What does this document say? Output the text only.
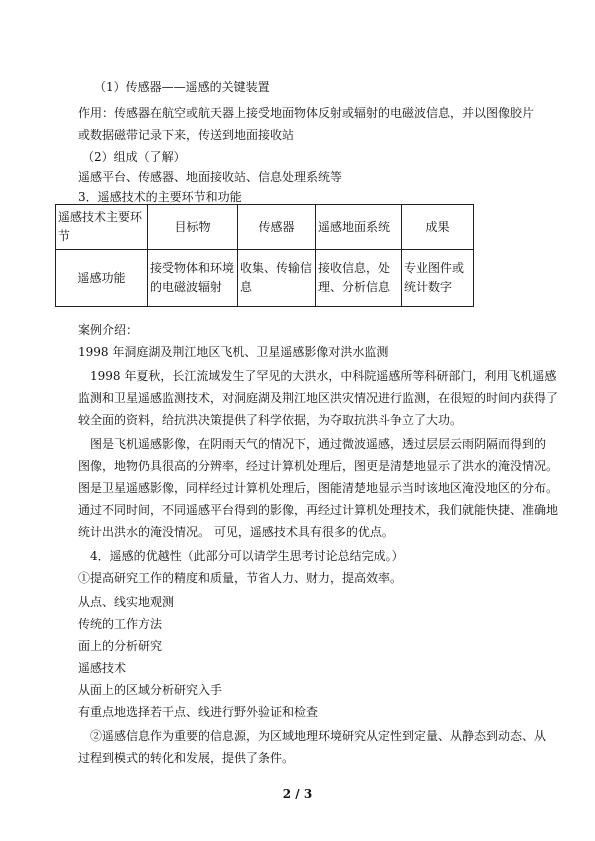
（1）传感器——遥感的关键装置
作用：传感器在航空或航天器上接受地面物体反射或辐射的电磁波信息，并以图像胶片
或数据磁带记录下来，传送到地面接收站
（2）组成（了解）
遥感平台、传感器、地面接收站、信息处理系统等
3．遥感技术的主要环节和功能
遥感技术主要环节	目标物	传感器	遥感地面系统	成果
遥感功能	接受物体和环境的电磁波辐射	收集、传输信息	接收信息，处理、分析信息	专业图件或统计数字
案例介绍：
1998 年洞庭湖及荆江地区飞机、卫星遥感影像对洪水监测
1998 年夏秋，长江流域发生了罕见的大洪水，中科院遥感所等科研部门，利用飞机遥感
监测和卫星遥感监测技术，对洞庭湖及荆江地区洪灾情况进行监测，在很短的时间内获得了
较全面的资料，给抗洪决策提供了科学依据，为夺取抗洪斗争立了大功。
图是飞机遥感影像，在阴雨天气的情况下，通过微波遥感，透过层层云雨阴隔而得到的
图像，地物仍具很高的分辨率，经过计算机处理后，图更是清楚地显示了洪水的淹没情况。
图是卫星遥感影像，同样经过计算机处理后，图能清楚地显示当时该地区淹没地区的分布。
通过不同时间，不同遥感平台得到的影像，再经过计算机处理技术，我们就能快捷、准确地
统计出洪水的淹没情况。 可见，遥感技术具有很多的优点。
4．遥感的优越性（此部分可以请学生思考讨论总结完成。）
①提高研究工作的精度和质量，节省人力、财力，提高效率。
从点、线实地观测
传统的工作方法
面上的分析研究
遥感技术
从面上的区域分析研究入手
有重点地选择若干点、线进行野外验证和检查
②遥感信息作为重要的信息源，为区域地理环境研究从定性到定量、从静态到动态、从
过程到模式的转化和发展，提供了条件。
2 / 3
